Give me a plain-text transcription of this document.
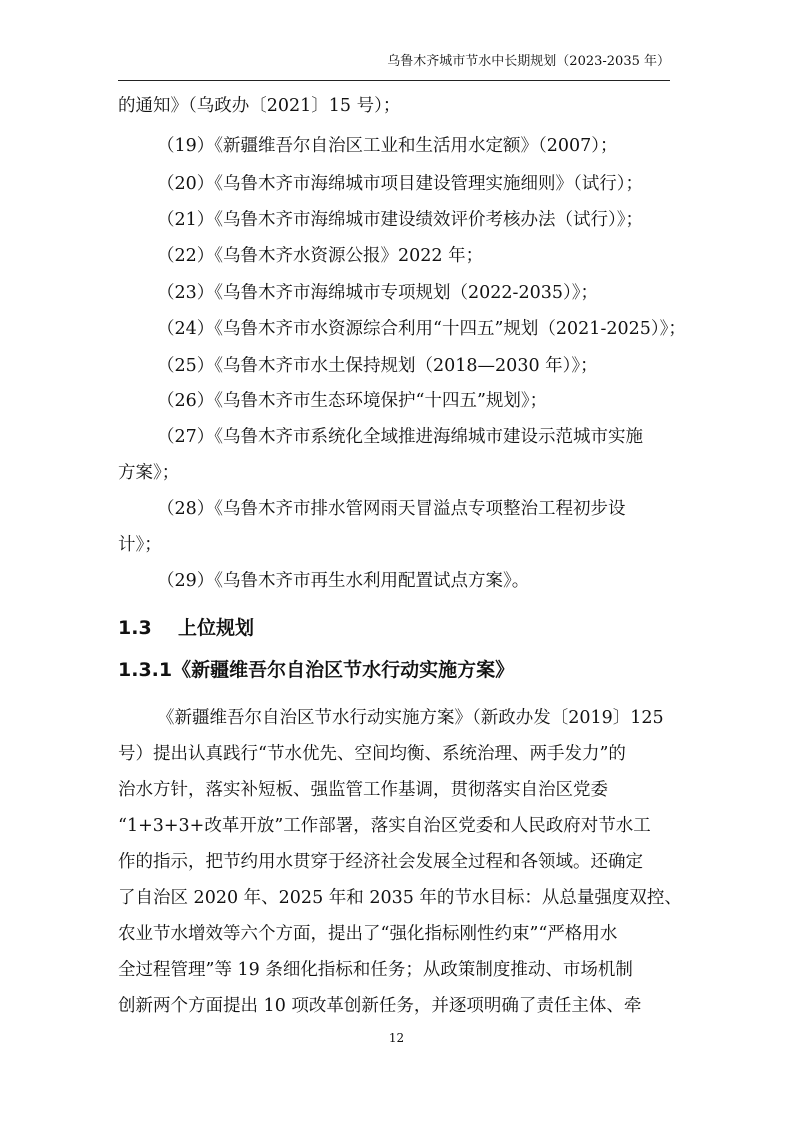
乌鲁木齐城市节水中长期规划（2023-2035 年）
的通知》（乌政办〔2021〕15 号）；
（19）《新疆维吾尔自治区工业和生活用水定额》（2007）；
（20）《乌鲁木齐市海绵城市项目建设管理实施细则》（试行）；
（21）《乌鲁木齐市海绵城市建设绩效评价考核办法（试行）》；
（22）《乌鲁木齐水资源公报》2022 年；
（23）《乌鲁木齐市海绵城市专项规划（2022-2035）》；
（24）《乌鲁木齐市水资源综合利用“十四五”规划（2021-2025）》；
（25）《乌鲁木齐市水土保持规划（2018—2030 年）》；
（26）《乌鲁木齐市生态环境保护“十四五”规划》；
（27）《乌鲁木齐市系统化全域推进海绵城市建设示范城市实施
方案》；
（28）《乌鲁木齐市排水管网雨天冒溢点专项整治工程初步设
计》；
（29）《乌鲁木齐市再生水利用配置试点方案》。
1.3 上位规划
1.3.1《新疆维吾尔自治区节水行动实施方案》
《新疆维吾尔自治区节水行动实施方案》（新政办发〔2019〕125
号）提出认真践行“节水优先、空间均衡、系统治理、两手发力”的
治水方针，落实补短板、强监管工作基调，贯彻落实自治区党委
“1+3+3+改革开放”工作部署，落实自治区党委和人民政府对节水工
作的指示，把节约用水贯穿于经济社会发展全过程和各领域。还确定
了自治区 2020 年、2025 年和 2035 年的节水目标：从总量强度双控、
农业节水增效等六个方面，提出了“强化指标刚性约束”“严格用水
全过程管理”等 19 条细化指标和任务；从政策制度推动、市场机制
创新两个方面提出 10 项改革创新任务，并逐项明确了责任主体、牵
12
